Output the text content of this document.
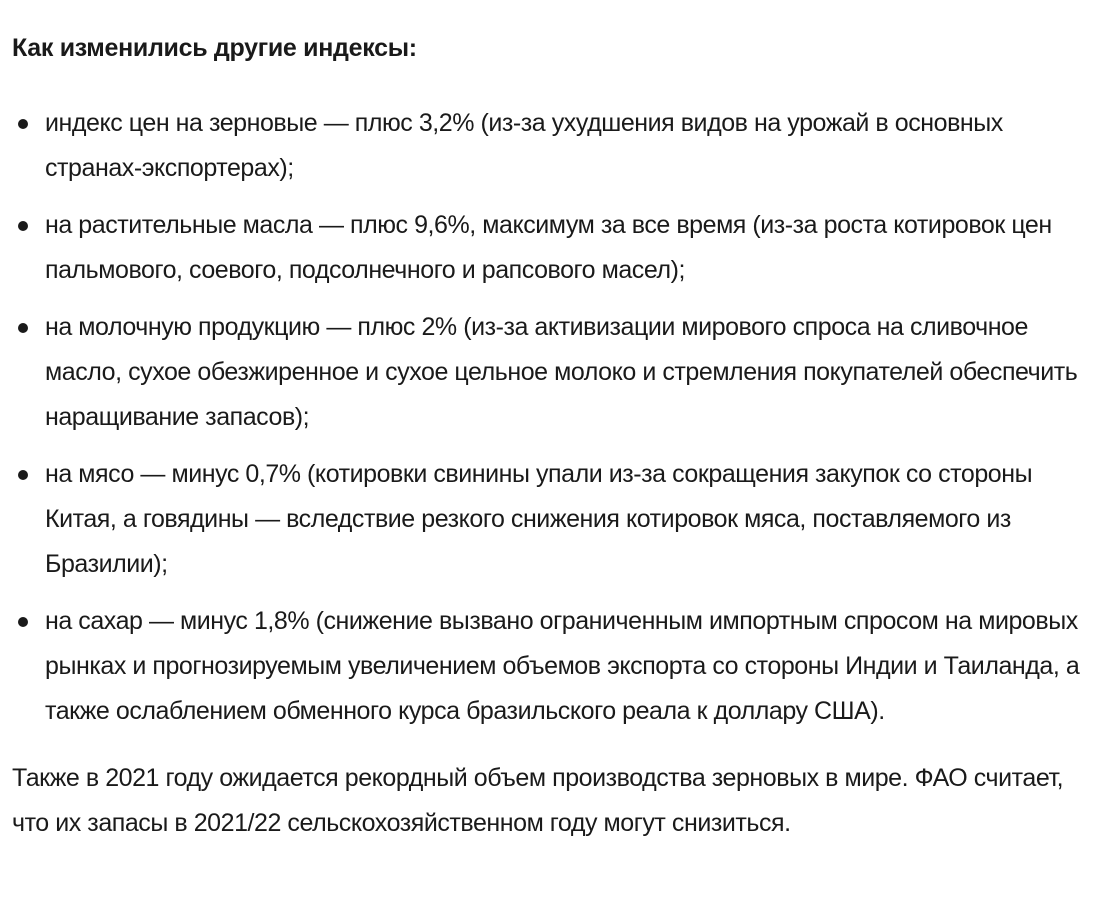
Как изменились другие индексы:
индекс цен на зерновые — плюс 3,2% (из-за ухудшения видов на урожай в основных странах-экспортерах);
на растительные масла — плюс 9,6%, максимум за все время (из-за роста котировок цен пальмового, соевого, подсолнечного и рапсового масел);
на молочную продукцию — плюс 2% (из-за активизации мирового спроса на сливочное масло, сухое обезжиренное и сухое цельное молоко и стремления покупателей обеспечить наращивание запасов);
на мясо — минус 0,7% (котировки свинины упали из-за сокращения закупок со стороны Китая, а говядины — вследствие резкого снижения котировок мяса, поставляемого из Бразилии);
на сахар — минус 1,8% (снижение вызвано ограниченным импортным спросом на мировых рынках и прогнозируемым увеличением объемов экспорта со стороны Индии и Таиланда, а также ослаблением обменного курса бразильского реала к доллару США).

Также в 2021 году ожидается рекордный объем производства зерновых в мире. ФАО считает, что их запасы в 2021/22 сельскохозяйственном году могут снизиться.
